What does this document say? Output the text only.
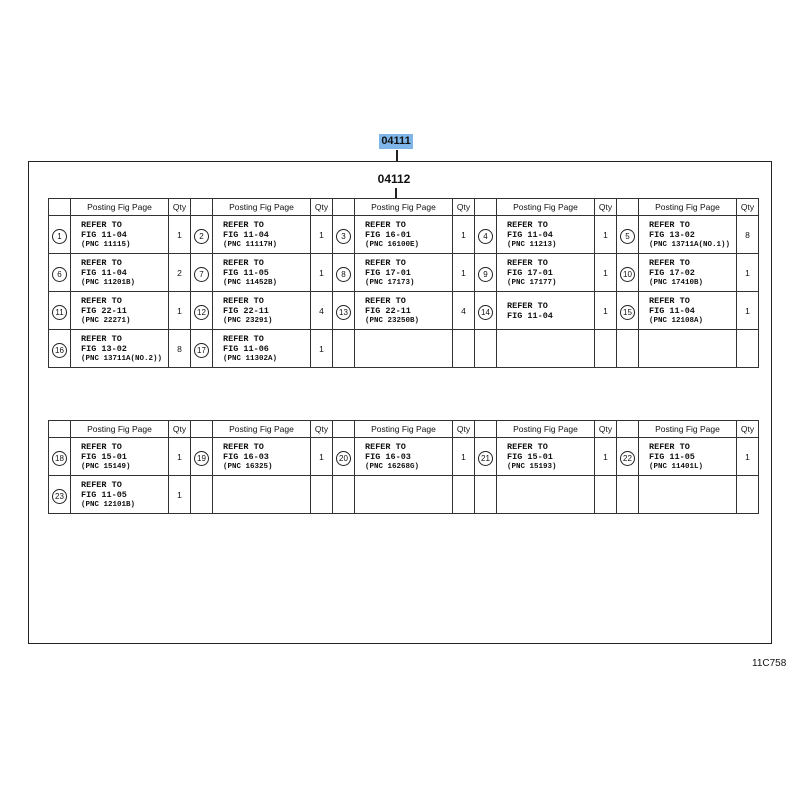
04111
04112
11C758
	Posting Fig Page	Qty		Posting Fig Page	Qty		Posting Fig Page	Qty		Posting Fig Page	Qty		Posting Fig Page	Qty
1	REFER TO
FIG 11-04
(PNC 11115)	1	2	REFER TO
FIG 11-04
(PNC 11117H)	1	3	REFER TO
FIG 16-01
(PNC 16100E)	1	4	REFER TO
FIG 11-04
(PNC 11213)	1	5	REFER TO
FIG 13-02
(PNC 13711A(NO.1))	8
6	REFER TO
FIG 11-04
(PNC 11201B)	2	7	REFER TO
FIG 11-05
(PNC 11452B)	1	8	REFER TO
FIG 17-01
(PNC 17173)	1	9	REFER TO
FIG 17-01
(PNC 17177)	1	10	REFER TO
FIG 17-02
(PNC 17410B)	1
11	REFER TO
FIG 22-11
(PNC 22271)	1	12	REFER TO
FIG 22-11
(PNC 23291)	4	13	REFER TO
FIG 22-11
(PNC 23250B)	4	14	REFER TO
FIG 11-04	1	15	REFER TO
FIG 11-04
(PNC 12108A)	1
16	REFER TO
FIG 13-02
(PNC 13711A(NO.2))	8	17	REFER TO
FIG 11-06
(PNC 11302A)	1									
	Posting Fig Page	Qty		Posting Fig Page	Qty		Posting Fig Page	Qty		Posting Fig Page	Qty		Posting Fig Page	Qty
18	REFER TO
FIG 15-01
(PNC 15149)	1	19	REFER TO
FIG 16-03
(PNC 16325)	1	20	REFER TO
FIG 16-03
(PNC 16268G)	1	21	REFER TO
FIG 15-01
(PNC 15193)	1	22	REFER TO
FIG 11-05
(PNC 11401L)	1
23	REFER TO
FIG 11-05
(PNC 12101B)	1												
